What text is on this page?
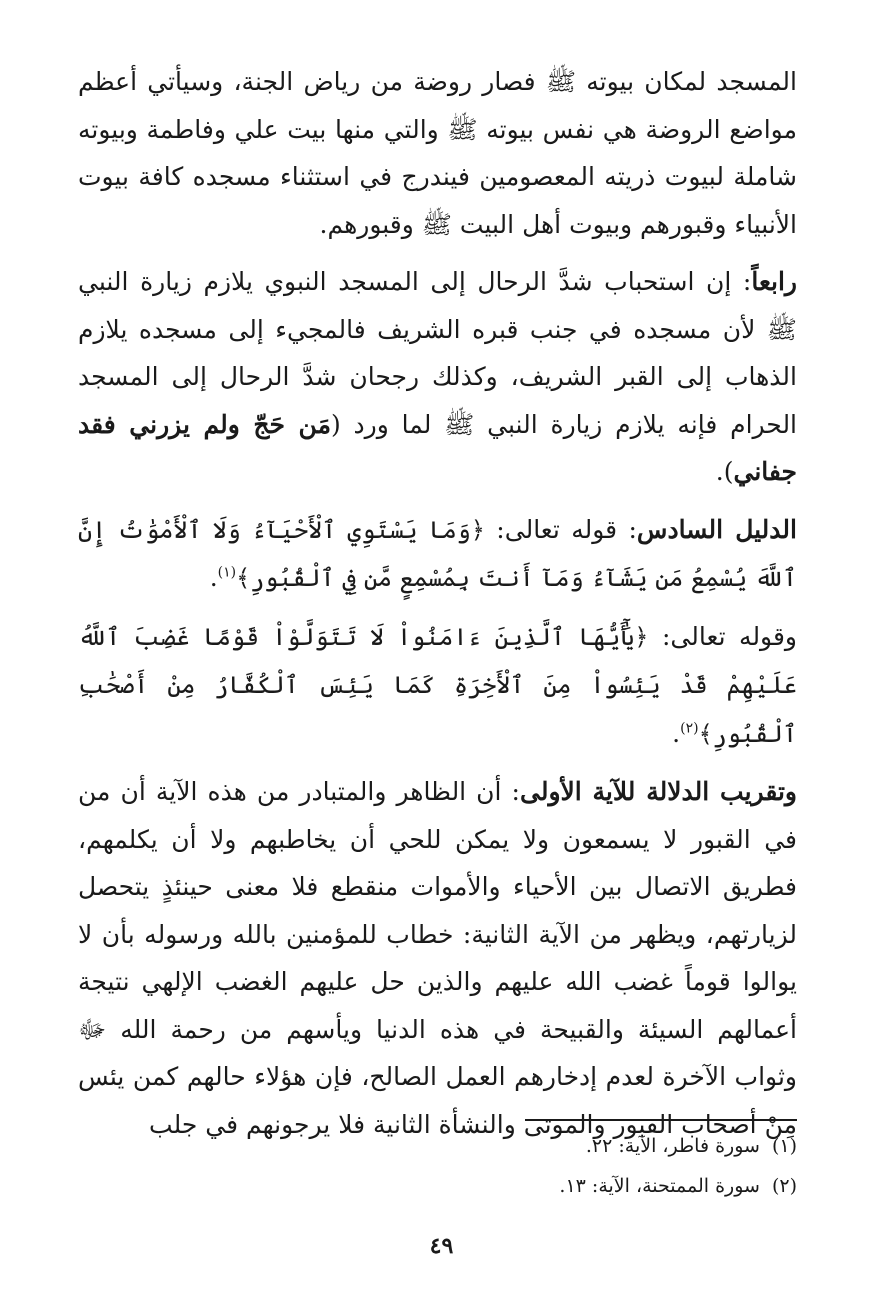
المسجد لمكان بيوته ﷺ فصار روضة من رياض الجنة، وسيأتي أعظم مواضع الروضة هي نفس بيوته ﷺ والتي منها بيت علي وفاطمة وبيوته شاملة لبيوت ذريته المعصومين فيندرج في استثناء مسجده كافة بيوت الأنبياء وقبورهم وبيوت أهل البيت ﷺ وقبورهم.

رابعاً: إن استحباب شدَّ الرحال إلى المسجد النبوي يلازم زيارة النبي ﷺ لأن مسجده في جنب قبره الشريف فالمجيء إلى مسجده يلازم الذهاب إلى القبر الشريف، وكذلك رجحان شدَّ الرحال إلى المسجد الحرام فإنه يلازم زيارة النبي ﷺ لما ورد (مَن حَجّ ولم يزرني فقد جفاني).

الدليل السادس: قوله تعالى: ﴿وَمَا يَسْتَوِي ٱلْأَحْيَآءُ وَلَا ٱلْأَمْوَٰتُ إِنَّ ٱللَّهَ يُسْمِعُ مَن يَشَآءُ وَمَآ أَنتَ بِمُسْمِعٍ مَّن فِي ٱلْقُبُورِ﴾$^{(١)}$.

وقوله تعالى: ﴿يَٰٓأَيُّهَا ٱلَّذِينَ ءَامَنُواْ لَا تَتَوَلَّوْاْ قَوْمًا غَضِبَ ٱللَّهُ عَلَيْهِمْ قَدْ يَئِسُواْ مِنَ ٱلْأَخِرَةِ كَمَا يَئِسَ ٱلْكُفَّارُ مِنْ أَصْحَٰبِ ٱلْقُبُورِ﴾$^{(٢)}$.

وتقريب الدلالة للآية الأولى: أن الظاهر والمتبادر من هذه الآية أن من في القبور لا يسمعون ولا يمكن للحي أن يخاطبهم ولا أن يكلمهم، فطريق الاتصال بين الأحياء والأموات منقطع فلا معنى حينئذٍ يتحصل لزيارتهم، ويظهر من الآية الثانية: خطاب للمؤمنين بالله ورسوله بأن لا يوالوا قوماً غضب الله عليهم والذين حل عليهم الغضب الإلهي نتيجة أعمالهم السيئة والقبيحة في هذه الدنيا ويأسهم من رحمة الله ﷻ وثواب الآخرة لعدم إدخارهم العمل الصالح، فإن هؤلاء حالهم كمن يئس مِنْ أصحاب القبور والموتى والنشأة الثانية فلا يرجونهم في جلب

(١)سورة فاطر، الآية: ٢٢.
(٢)سورة الممتحنة، الآية: ١٣.
٤٩
